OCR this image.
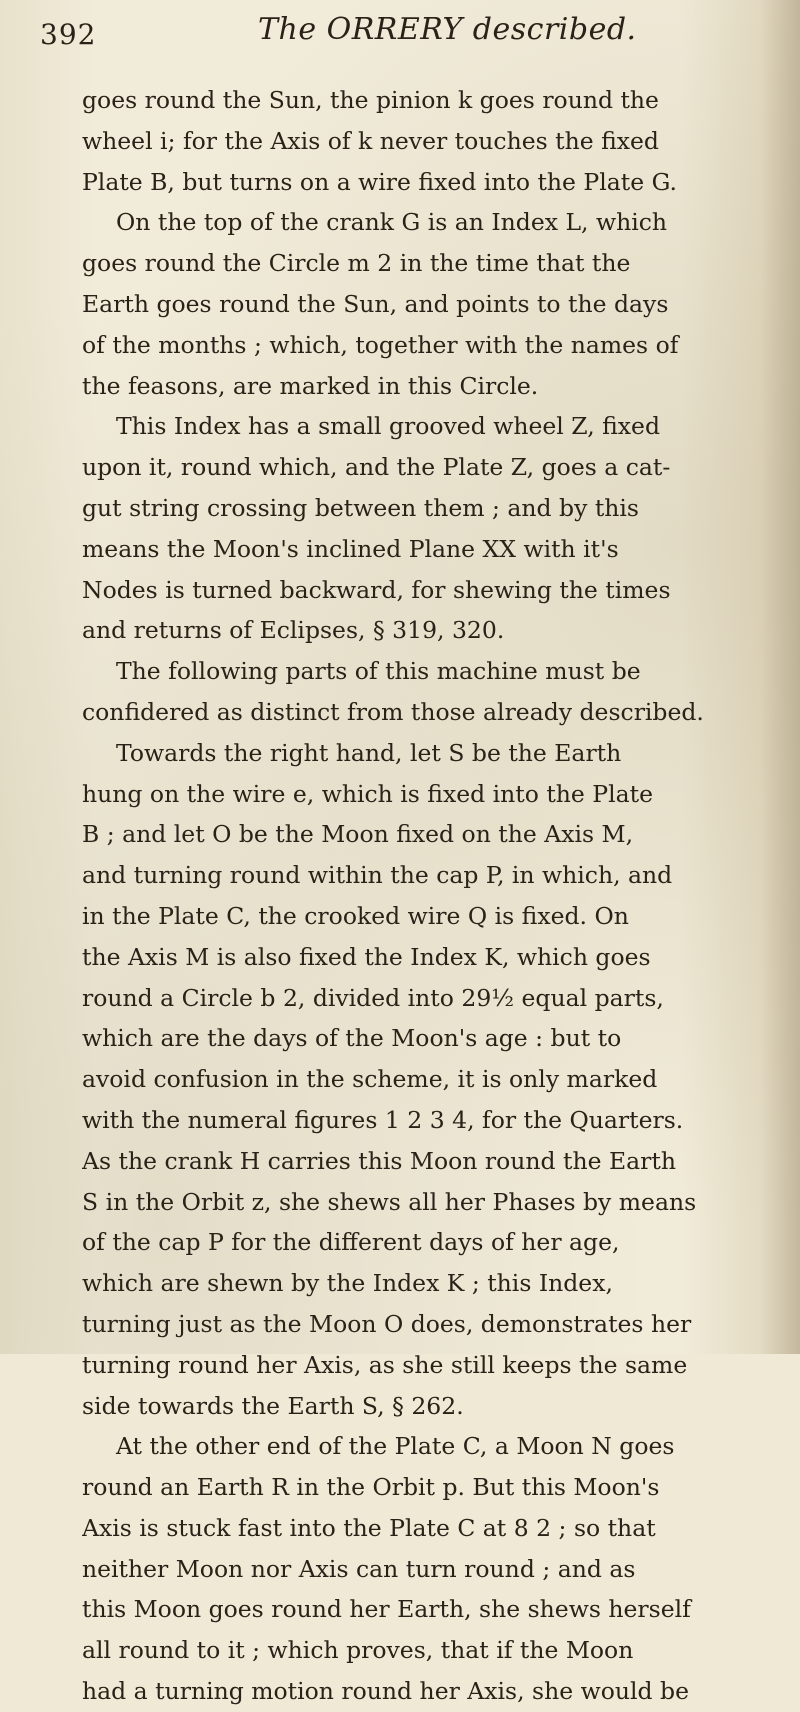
392	The ORRERY described.
goes round the Sun, the pinion k goes round the
wheel i; for the Axis of k never touches the fixed
Plate B, but turns on a wire fixed into the Plate G.
On the top of the crank G is an Index L, which
goes round the Circle m 2 in the time that the
Earth goes round the Sun, and points to the days
of the months ; which, together with the names of
the feasons, are marked in this Circle.
This Index has a small grooved wheel Z, fixed
upon it, round which, and the Plate Z, goes a cat-
gut string crossing between them ; and by this
means the Moon's inclined Plane XX with it's
Nodes is turned backward, for shewing the times
and returns of Eclipses, § 319, 320.
The following parts of this machine must be
confidered as distinct from those already described.
Towards the right hand, let S be the Earth
hung on the wire e, which is fixed into the Plate
B ; and let O be the Moon fixed on the Axis M,
and turning round within the cap P, in which, and
in the Plate C, the crooked wire Q is fixed. On
the Axis M is also fixed the Index K, which goes
round a Circle b 2, divided into 29½ equal parts,
which are the days of the Moon's age : but to
avoid confusion in the scheme, it is only marked
with the numeral figures 1 2 3 4, for the Quarters.
As the crank H carries this Moon round the Earth
S in the Orbit z, she shews all her Phases by means
of the cap P for the different days of her age,
which are shewn by the Index K ; this Index,
turning just as the Moon O does, demonstrates her
turning round her Axis, as she still keeps the same
side towards the Earth S, § 262.
At the other end of the Plate C, a Moon N goes
round an Earth R in the Orbit p. But this Moon's
Axis is stuck fast into the Plate C at 8 2 ; so that
neither Moon nor Axis can turn round ; and as
this Moon goes round her Earth, she shews herself
all round to it ; which proves, that if the Moon
had a turning motion round her Axis, she would be
